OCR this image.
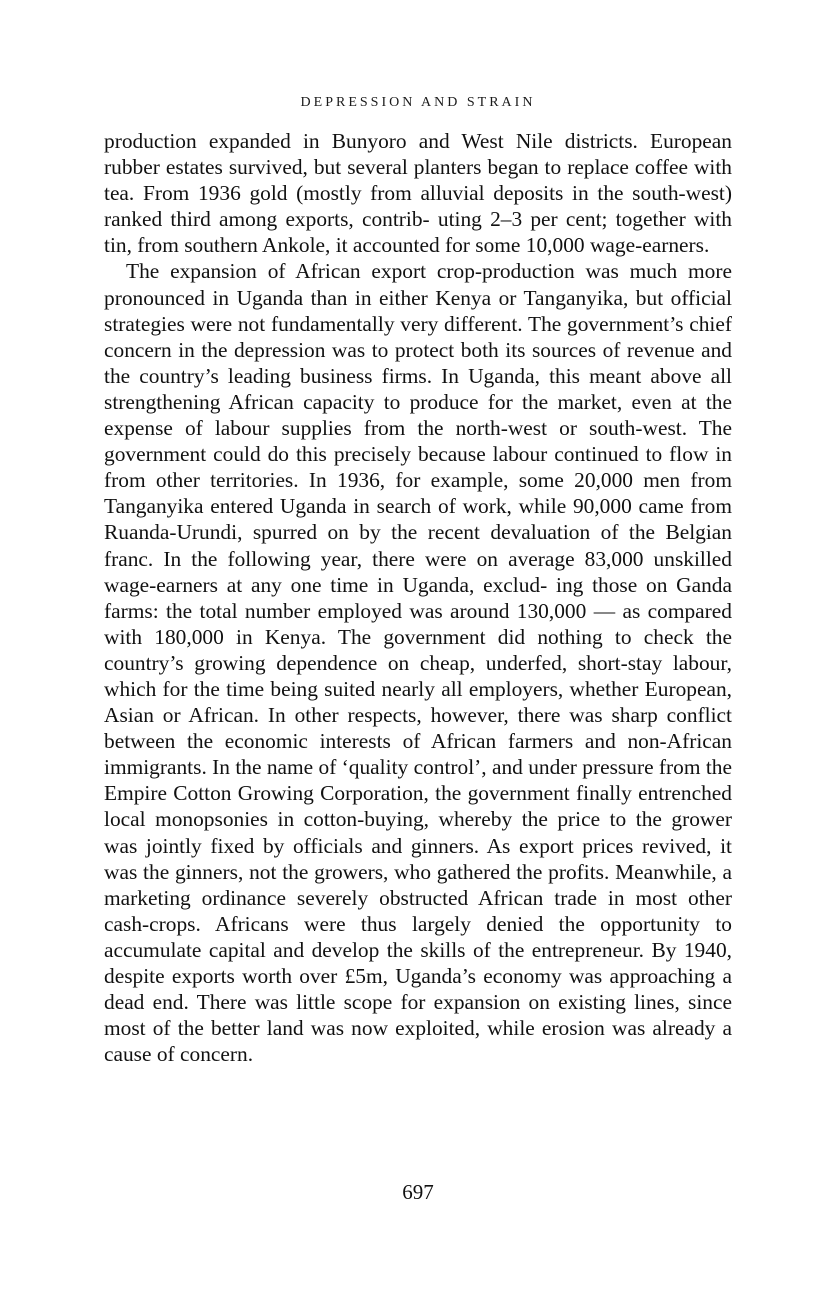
DEPRESSION AND STRAIN

production expanded in Bunyoro and West Nile districts. European rubber estates survived, but several planters began to replace coffee with tea. From 1936 gold (mostly from alluvial deposits in the south-west) ranked third among exports, contrib- uting 2–3 per cent; together with tin, from southern Ankole, it accounted for some 10,000 wage-earners.

The expansion of African export crop-production was much more pronounced in Uganda than in either Kenya or Tanganyika, but official strategies were not fundamentally very different. The government’s chief concern in the depression was to protect both its sources of revenue and the country’s leading business firms. In Uganda, this meant above all strengthening African capacity to produce for the market, even at the expense of labour supplies from the north-west or south-west. The government could do this precisely because labour continued to flow in from other territories. In 1936, for example, some 20,000 men from Tanganyika entered Uganda in search of work, while 90,000 came from Ruanda-Urundi, spurred on by the recent devaluation of the Belgian franc. In the following year, there were on average 83,000 unskilled wage-earners at any one time in Uganda, exclud- ing those on Ganda farms: the total number employed was around 130,000 — as compared with 180,000 in Kenya. The government did nothing to check the country’s growing dependence on cheap, underfed, short-stay labour, which for the time being suited nearly all employers, whether European, Asian or African. In other respects, however, there was sharp conflict between the economic interests of African farmers and non-African immigrants. In the name of ‘quality control’, and under pressure from the Empire Cotton Growing Corporation, the government finally entrenched local monopsonies in cotton-buying, whereby the price to the grower was jointly fixed by officials and ginners. As export prices revived, it was the ginners, not the growers, who gathered the profits. Meanwhile, a marketing ordinance severely obstructed African trade in most other cash-crops. Africans were thus largely denied the opportunity to accumulate capital and develop the skills of the entrepreneur. By 1940, despite exports worth over £5m, Uganda’s economy was approaching a dead end. There was little scope for expansion on existing lines, since most of the better land was now exploited, while erosion was already a cause of concern.

697
